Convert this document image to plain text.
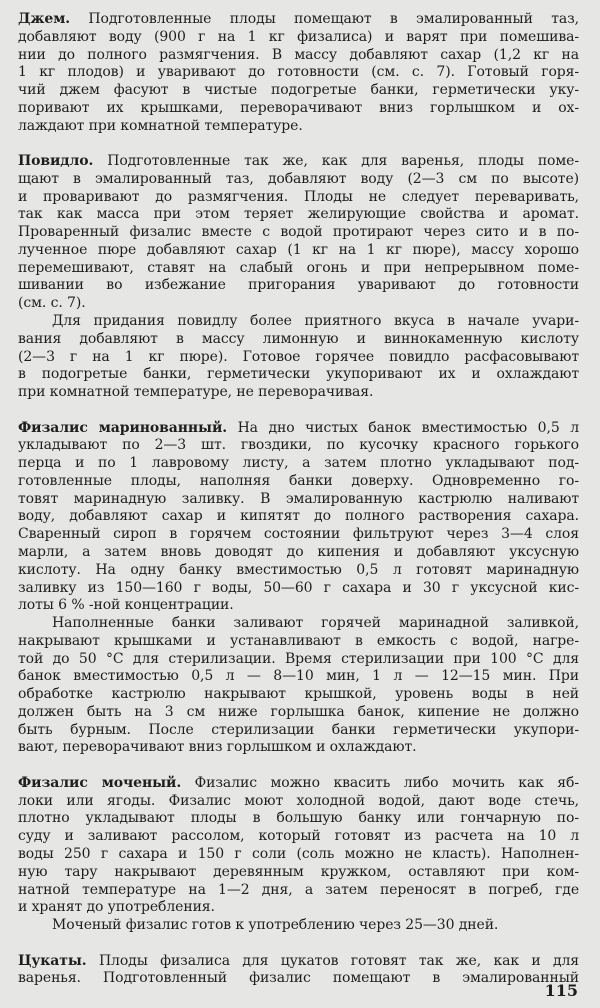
Джем. Подготовленные плоды помещают в эмалированный таз,
добавляют воду (900 г на 1 кг физалиса) и варят при помешива-
нии до полного размягчения. В массу добавляют сахар (1,2 кг на
1 кг плодов) и уваривают до готовности (см. с. 7). Готовый горя-
чий джем фасуют в чистые подогретые банки, герметически уку-
поривают их крышками, переворачивают вниз горлышком и ох-
лаждают при комнатной температуре.
Повидло. Подготовленные так же, как для варенья, плоды поме-
щают в эмалированный таз, добавляют воду (2—3 см по высоте)
и проваривают до размягчения. Плоды не следует переваривать,
так как масса при этом теряет желирующие свойства и аромат.
Проваренный физалис вместе с водой протирают через сито и в по-
лученное пюре добавляют сахар (1 кг на 1 кг пюре), массу хорошо
перемешивают, ставят на слабый огонь и при непрерывном поме-
шивании во избежание пригорания уваривают до готовности
(см. с. 7).
Для придания повидлу более приятного вкуса в начале уvари-
вания добавляют в массу лимонную и виннокаменную кислоту
(2—3 г на 1 кг пюре). Готовое горячее повидло расфасовывают
в подогретые банки, герметически укупоривают их и охлаждают
при комнатной температуре, не переворачивая.
Физалис маринованный. На дно чистых банок вместимостью 0,5 л
укладывают по 2—3 шт. гвоздики, по кусочку красного горького
перца и по 1 лавровому листу, а затем плотно укладывают под-
готовленные плоды, наполняя банки доверху. Одновременно го-
товят маринадную заливку. В эмалированную кастрюлю наливают
воду, добавляют сахар и кипятят до полного растворения сахара.
Сваренный сироп в горячем состоянии фильтруют через 3—4 слоя
марли, а затем вновь доводят до кипения и добавляют уксусную
кислоту. На одну банку вместимостью 0,5 л готовят маринадную
заливку из 150—160 г воды, 50—60 г сахара и 30 г уксусной кис-
лоты 6 % -ной концентрации.
Наполненные банки заливают горячей маринадной заливкой,
накрывают крышками и устанавливают в емкость с водой, нагре-
той до 50 °С для стерилизации. Время стерилизации при 100 °С для
банок вместимостью 0,5 л — 8—10 мин, 1 л — 12—15 мин. При
обработке кастрюлю накрывают крышкой, уровень воды в ней
должен быть на 3 см ниже горлышка банок, кипение не должно
быть бурным. После стерилизации банки герметически укупори-
вают, переворачивают вниз горлышком и охлаждают.
Физалис моченый. Физалис можно квасить либо мочить как яб-
локи или ягоды. Физалис моют холодной водой, дают воде стечь,
плотно укладывают плоды в большую банку или гончарную по-
суду и заливают рассолом, который готовят из расчета на 10 л
воды 250 г сахара и 150 г соли (соль можно не класть). Наполнен-
ную тару накрывают деревянным кружком, оставляют при ком-
натной температуре на 1—2 дня, а затем переносят в погреб, где
и хранят до употребления.
Моченый физалис готов к употреблению через 25—30 дней.
Цукаты. Плоды физалиса для цукатов готовят так же, как и для
варенья. Подготовленный физалис помещают в эмалированный
115
